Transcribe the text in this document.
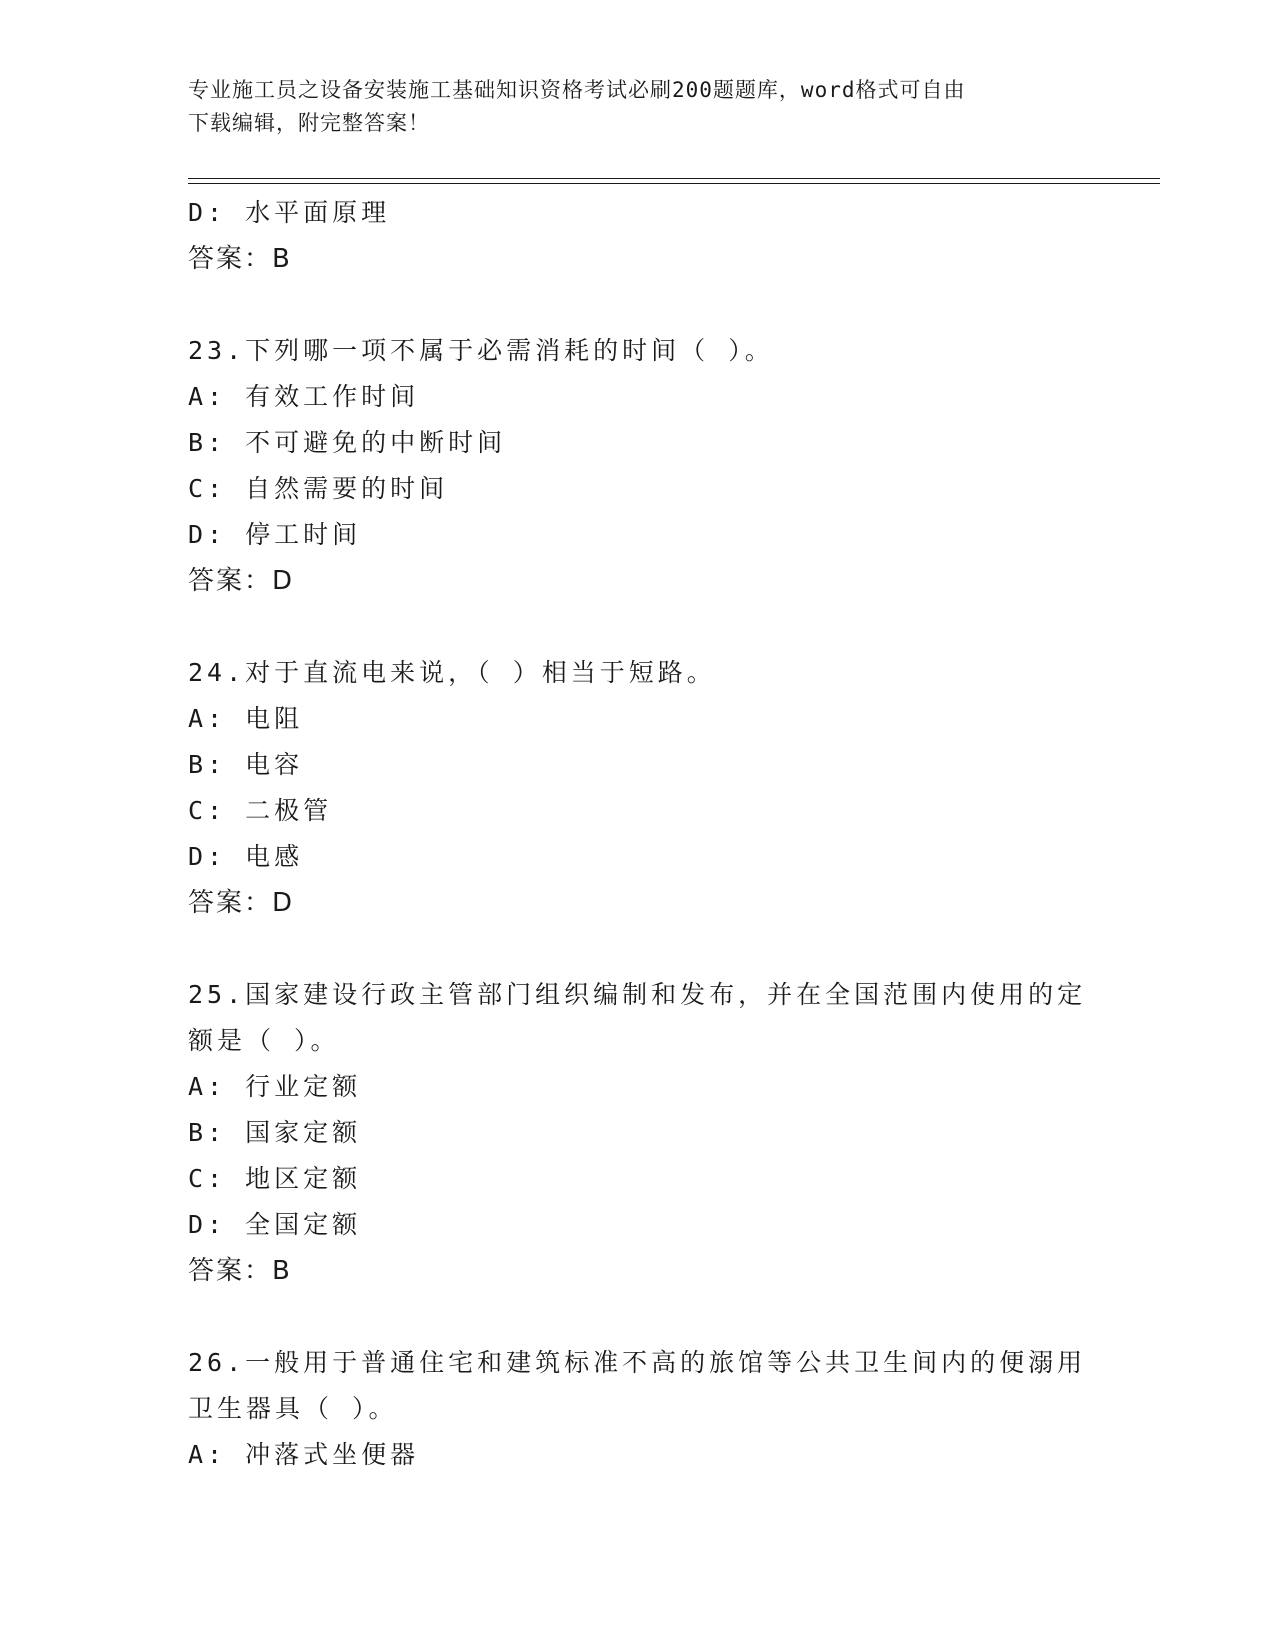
专业施工员之设备安装施工基础知识资格考试必刷200题题库，word格式可自由
下载编辑，附完整答案！
D: 水平面原理
答案：B
23.下列哪一项不属于必需消耗的时间（ ）。
A: 有效工作时间
B: 不可避免的中断时间
C: 自然需要的时间
D: 停工时间
答案：D
24.对于直流电来说，（ ）相当于短路。
A: 电阻
B: 电容
C: 二极管
D: 电感
答案：D
25.国家建设行政主管部门组织编制和发布，并在全国范围内使用的定
额是（ ）。
A: 行业定额
B: 国家定额
C: 地区定额
D: 全国定额
答案：B
26.一般用于普通住宅和建筑标准不高的旅馆等公共卫生间内的便溺用
卫生器具（ ）。
A: 冲落式坐便器
